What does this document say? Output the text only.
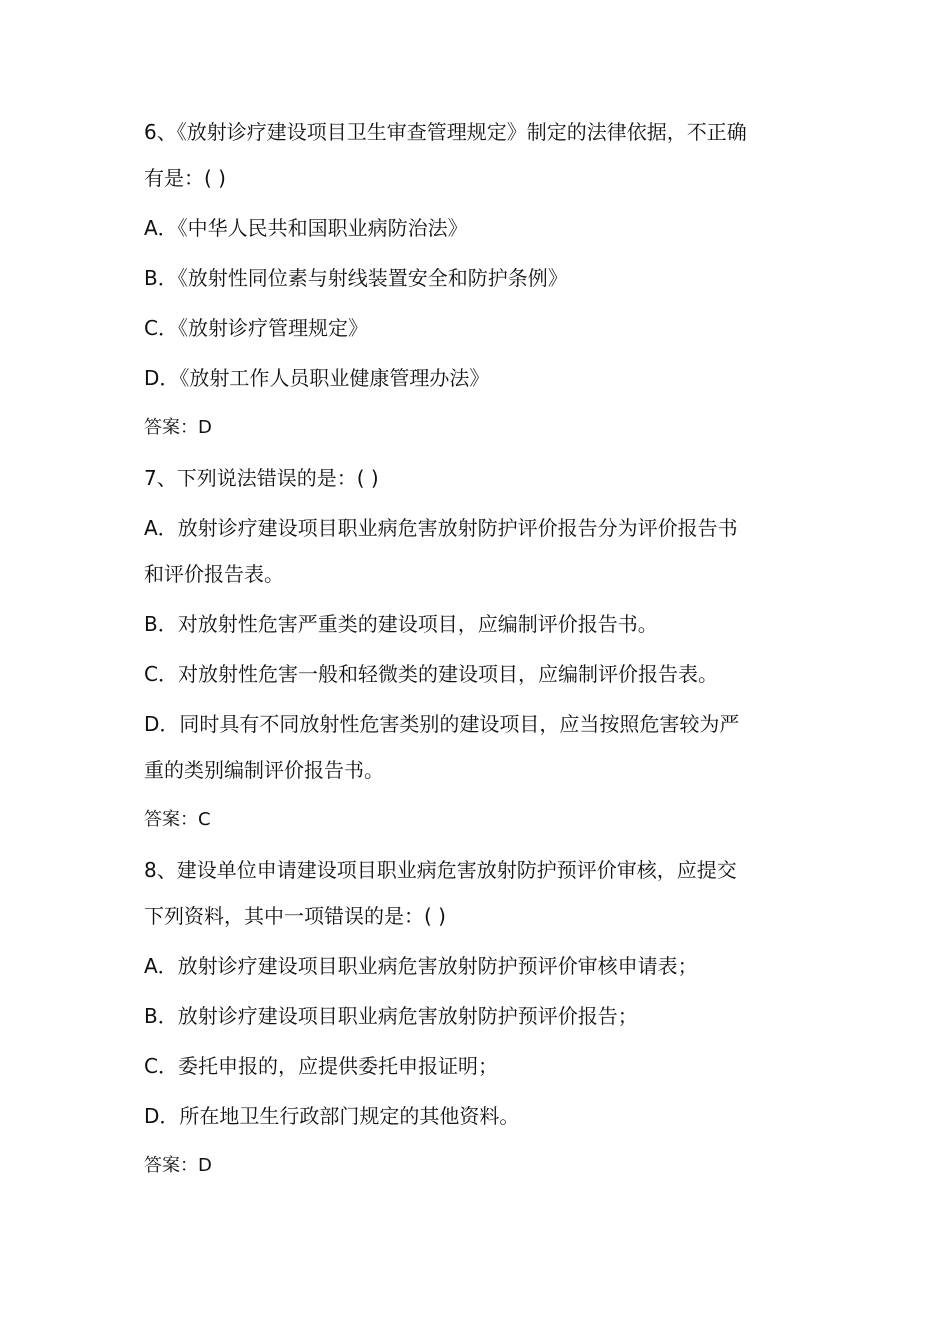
6、《放射诊疗建设项目卫生审查管理规定》制定的法律依据，不正确

有是：( )

A．《中华人民共和国职业病防治法》

B．《放射性同位素与射线装置安全和防护条例》

C．《放射诊疗管理规定》

D．《放射工作人员职业健康管理办法》

答案：D

7、下列说法错误的是：( )

A．放射诊疗建设项目职业病危害放射防护评价报告分为评价报告书

和评价报告表。

B．对放射性危害严重类的建设项目，应编制评价报告书。

C．对放射性危害一般和轻微类的建设项目，应编制评价报告表。

D．同时具有不同放射性危害类别的建设项目，应当按照危害较为严

重的类别编制评价报告书。

答案：C

8、建设单位申请建设项目职业病危害放射防护预评价审核，应提交

下列资料，其中一项错误的是：( )

A．放射诊疗建设项目职业病危害放射防护预评价审核申请表；

B．放射诊疗建设项目职业病危害放射防护预评价报告；

C．委托申报的，应提供委托申报证明；

D．所在地卫生行政部门规定的其他资料。

答案：D
